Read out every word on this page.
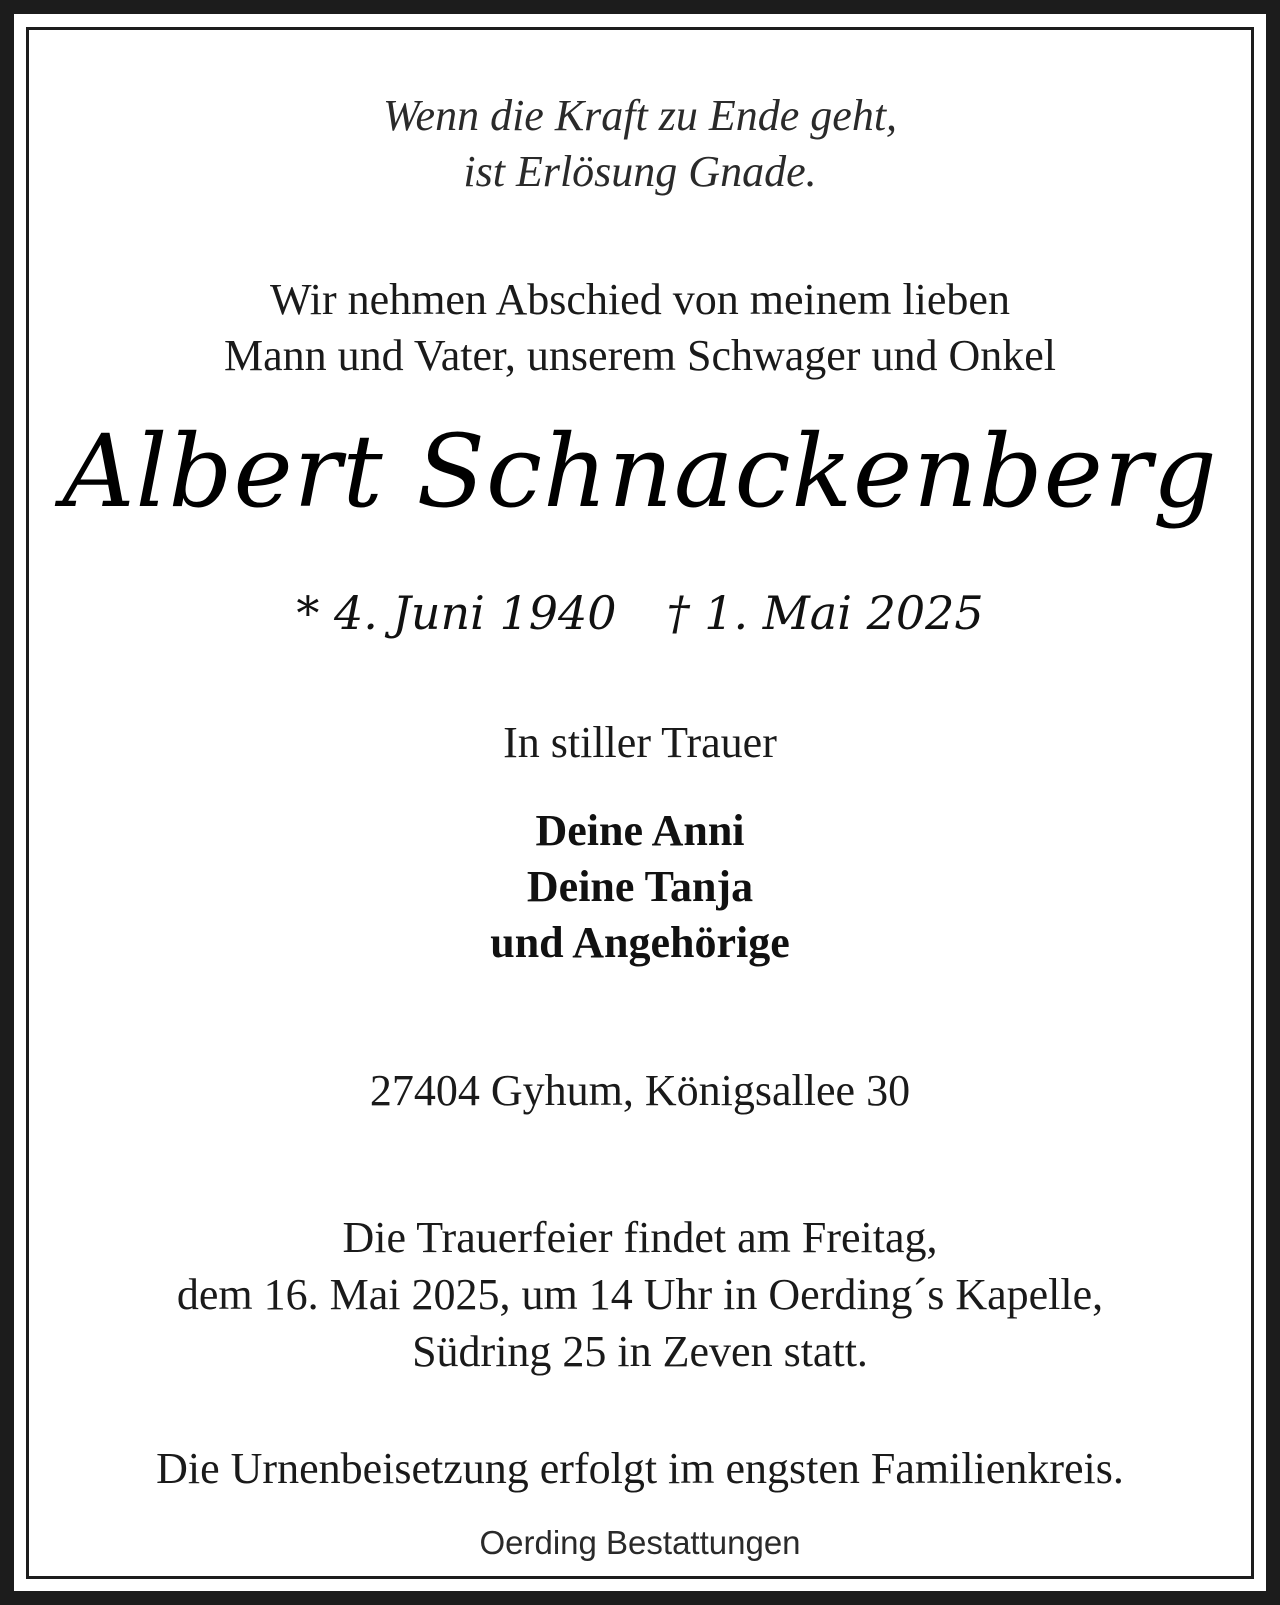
Wenn die Kraft zu Ende geht,
ist Erlösung Gnade.
Wir nehmen Abschied von meinem lieben
Mann und Vater, unserem Schwager und Onkel
Albert Schnackenberg
* 4. Juni 1940 † 1. Mai 2025
In stiller Trauer
Deine Anni
Deine Tanja
und Angehörige
27404 Gyhum, Königsallee 30
Die Trauerfeier findet am Freitag,
dem 16. Mai 2025, um 14 Uhr in Oerding´s Kapelle,
Südring 25 in Zeven statt.
Die Urnenbeisetzung erfolgt im engsten Familienkreis.
Oerding Bestattungen
